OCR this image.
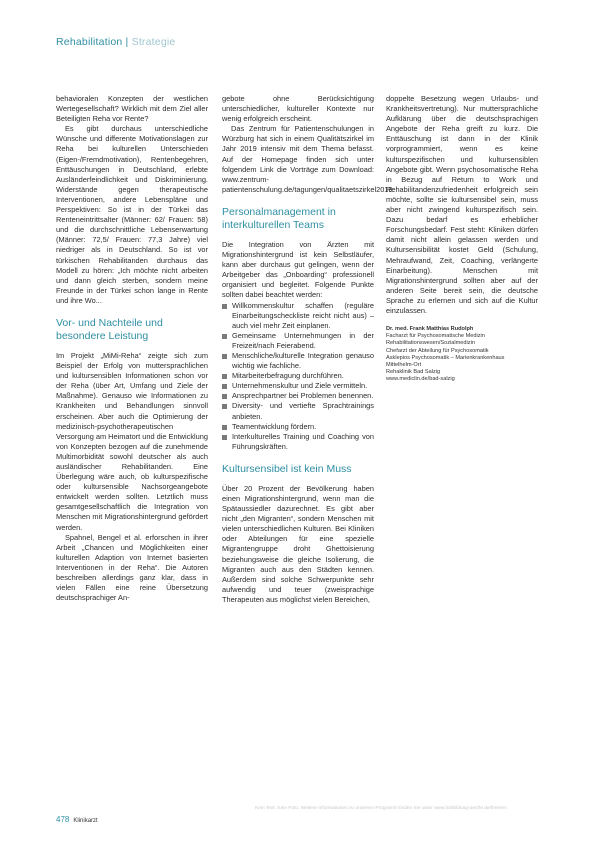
Rehabilitation | Strategie

behavioralen Konzepten der westlichen Wertegesellschaft? Wirklich mit dem Ziel aller Beteiligten Reha vor Rente?

Es gibt durchaus unterschiedliche Wünsche und differente Motivationslagen zur Reha bei kulturellen Unterschieden (Eigen-/Fremdmotivation), Rentenbegehren, Enttäuschungen in Deutschland, erlebte Ausländerfeindlichkeit und Diskriminierung. Widerstände gegen therapeutische Interventionen, andere Lebenspläne und Perspektiven: So ist in der Türkei das Renteneintrittsalter (Männer: 62/ Frauen: 58) und die durchschnittliche Lebenserwartung (Männer: 72,5/ Frauen: 77,3 Jahre) viel niedriger als in Deutschland. So ist vor türkischen Rehabilitanden durchaus das Modell zu hören: „Ich möchte nicht arbeiten und dann gleich sterben, sondern meine Freunde in der Türkei schon lange in Rente und ihre Wo...

Vor- und Nachteile und besondere Leistung

Im Projekt „MiMi-Reha“ zeigte sich zum Beispiel der Erfolg von muttersprachlichen und kultursensiblen Informationen schon vor der Reha (über Art, Umfang und Ziele der Maßnahme). Genauso wie Informationen zu Krankheiten und Behandlungen sinnvoll erscheinen. Aber auch die Optimierung der medizinisch-psychotherapeutischen Versorgung am Heimatort und die Entwicklung von Konzepten bezogen auf die zunehmende Multimorbidität sowohl deutscher als auch ausländischer Rehabilitanden. Eine Überlegung wäre auch, ob kulturspezifische oder kultursensible Nachsorgeangebote entwickelt werden sollten. Letztlich muss gesamtgesellschaftlich die Integration von Menschen mit Migrationshintergrund gefördert werden.

Spahnel, Bengel et al. erforschen in ihrer Arbeit „Chancen und Möglichkeiten einer kulturellen Adaption von Internet basierten Interventionen in der Reha“. Die Autoren beschreiben allerdings ganz klar, dass in vielen Fällen eine reine Übersetzung deutschsprachiger An-

gebote ohne Berücksichtigung unterschiedlicher, kultureller Kontexte nur wenig erfolgreich erscheint.

Das Zentrum für Patientenschulungen in Würzburg hat sich in einem Qualitätszirkel im Jahr 2019 intensiv mit dem Thema befasst. Auf der Homepage finden sich unter folgendem Link die Vorträge zum Download: www.zentrum-patientenschulung.de/tagungen/qualitaetszirkel2019.

Personalmanagement in interkulturellen Teams

Die Integration von Ärzten mit Migrationshintergrund ist kein Selbstläufer, kann aber durchaus gut gelingen, wenn der Arbeitgeber das „Onboarding“ professionell organisiert und begleitet. Folgende Punkte sollten dabei beachtet werden:

Willkommenskultur schaffen (reguläre Einarbeitungscheckliste reicht nicht aus) – auch viel mehr Zeit einplanen.
Gemeinsame Unternehmungen in der Freizeit/nach Feierabend.
Menschliche/kulturelle Integration genauso wichtig wie fachliche.
Mitarbeiterbefragung durchführen.
Unternehmenskultur und Ziele vermitteln.
Ansprechpartner bei Problemen benennen.
Diversity- und vertiefte Sprachtrainings anbieten.
Teamentwicklung fördern.
Interkulturelles Training und Coaching von Führungskräften.
Kultursensibel ist kein Muss

Über 20 Prozent der Bevölkerung haben einen Migrationshintergrund, wenn man die Spätaussiedler dazurechnet. Es gibt aber nicht „den Migranten“, sondern Menschen mit vielen unterschiedlichen Kulturen. Bei Kliniken oder Abteilungen für eine spezielle Migrantengruppe droht Ghettoisierung beziehungsweise die gleiche Isolierung, die Migranten auch aus den Städten kennen. Außerdem sind solche Schwerpunkte sehr aufwendig und teuer (zweisprachige Therapeuten aus möglichst vielen Bereichen,

doppelte Besetzung wegen Urlaubs- und Krankheitsvertretung). Nur muttersprachliche Aufklärung über die deutschsprachigen Angebote der Reha greift zu kurz. Die Enttäuschung ist dann in der Klinik vorprogrammiert, wenn es keine kulturspezifischen und kultursensiblen Angebote gibt. Wenn psychosomatische Reha in Bezug auf Return to Work und Rehabilitandenzufriedenheit erfolgreich sein möchte, sollte sie kultursensibel sein, muss aber nicht zwingend kulturspezifisch sein. Dazu bedarf es erheblicher Forschungsbedarf. Fest steht: Kliniken dürfen damit nicht allein gelassen werden und Kultursensibilität kostet Geld (Schulung, Mehraufwand, Zeit, Coaching, verlängerte Einarbeitung). Menschen mit Migrationshintergrund sollten aber auf der anderen Seite bereit sein, die deutsche Sprache zu erlernen und sich auf die Kultur einzulassen.

Dr. med. Frank Matthias Rudolph
Facharzt für Psychosomatische Medizin
Rehabilitationswesen/Sozialmedizin
Chefarzt der Abteilung für Psychosomatik
Asklepios Psychosomatik – Marienkrankenhaus
Mittelhelm-Ort
Rehaklinik Bad Salzig
www.mediclin.de/bad-salzig
Kein Text. Kein Foto. Weitere Informationen zu unserem Programm finden Sie unter www.fortbildung-aerzte.de/themen
478 Klinikarzt
